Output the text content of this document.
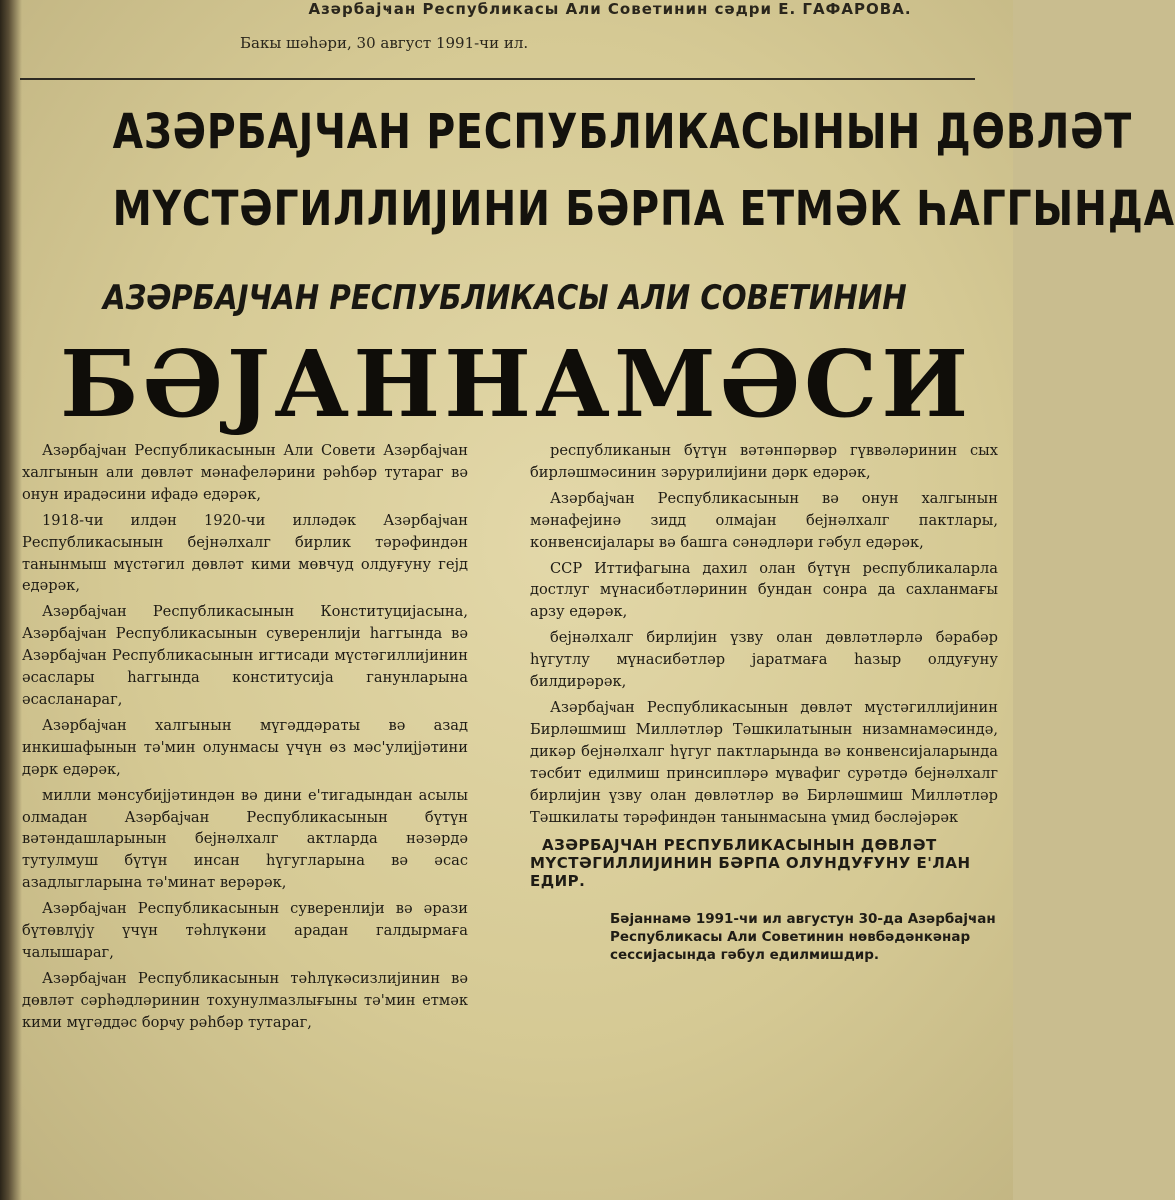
Азәрбајҹан Республикасы Али Советинин сәдри Е. ГАФАРОВА.
Бакы шәһәри, 30 август 1991-чи ил.
АЗӘРБАЈЧАН РЕСПУБЛИКАСЫНЫН ДӨВЛӘТ
МҮСТӘГИЛЛИЈИНИ БӘРПА ЕТМӘК ҺАГГЫНДА
АЗӘРБАЈЧАН РЕСПУБЛИКАСЫ АЛИ СОВЕТИНИН
БӘЈАННАМӘСИ

Азәрбајҹан Республикасынын Али Совети Азәрбајҹан халгынын али дөвләт мәнафеләрини рәһбәр тутараг вә онун ирадәсини ифадә едәрәк,

1918-чи илдән 1920-чи илләдәк Азәрбајҹан Республикасынын бејнәлхалг бирлик тәрәфиндән танынмыш мүстәгил дөвләт кими мөвчуд олдуғуну гејд едәрәк,

Азәрбајҹан Республикасынын Конституцијасына, Азәрбајҹан Республикасынын суверенлији һаггында вә Азәрбајҹан Республикасынын игтисади мүстәгиллијинин әсаслары һаггында конститусија ганунларына әсасланараг,

Азәрбајҹан халгынын мүгәддәраты вә азад инкишафынын тә'мин олунмасы үчүн өз мәс'улијјәтини дәрк едәрәк,

милли мәнсубијјәтиндән вә дини е'тигадындан асылы олмадан Азәрбајҹан Республикасынын бүтүн вәтәндашларынын бејнәлхалг актларда нәзәрдә тутулмуш бүтүн инсан һүгугларына вә әсас азадлыгларына тә'минат верәрәк,

Азәрбајҹан Республикасынын суверенлији вә әрази бүтөвлүјү үчүн тәһлүкәни арадан галдырмаға чалышараг,

Азәрбајҹан Республикасынын тәһлүкәсизлијинин вә дөвләт сәрһәдләринин тохунулмазлығыны тә'мин етмәк кими мүгәддәс борҹу рәһбәр тутараг,

республиканын бүтүн вәтәнпәрвәр гүввәләринин сых бирләшмәсинин зәрурилијини дәрк едәрәк,

Азәрбајҹан Республикасынын вә онун халгынын мәнафејинә зидд олмајан бејнәлхалг пактлары, конвенсијалары вә башга сәнәдләри гәбул едәрәк,

ССР Иттифагына дахил олан бүтүн республикаларла достлуг мүнасибәтләринин бундан сонра да сахланмағы арзу едәрәк,

бејнәлхалг бирлијин үзву олан дөвләтләрлә бәрабәр һүгутлу мүнасибәтләр јаратмаға һазыр олдуғуну билдирәрәк,

Азәрбајҹан Республикасынын дөвләт мүстәгиллијинин Бирләшмиш Милләтләр Тәшкилатынын низамнамәсиндә, дикәр бејнәлхалг һүгуг пактларында вә конвенсијаларында тәсбит едилмиш принсипләрә мүвафиг сурәтдә бејнәлхалг бирлијин үзву олан дөвләтләр вә Бирләшмиш Милләтләр Тәшкилаты тәрәфиндән танынмасына үмид бәсләјәрәк

АЗӘРБАЈЧАН РЕСПУБЛИКАСЫНЫН ДӨВЛӘТ МҮСТӘГИЛЛИЈИНИН БӘРПА ОЛУНДУҒУНУ Е'ЛАН ЕДИР.

Бәјаннамә 1991-чи ил августун 30-да Азәрбајҹан Республикасы Али Советинин нөвбәдәнкәнар сессијасында гәбул едилмишдир.
